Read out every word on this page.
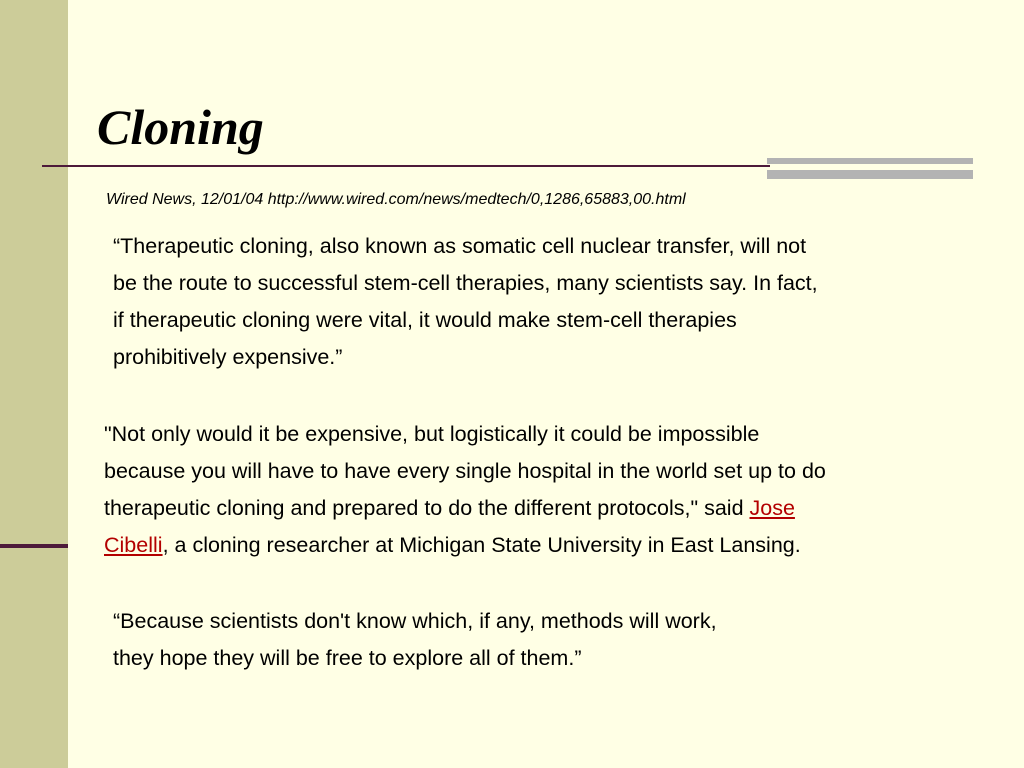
Cloning

Wired News, 12/01/04 http://www.wired.com/news/medtech/0,1286,65883,00.html

“Therapeutic cloning, also known as somatic cell nuclear transfer, will not
be the route to successful stem-cell therapies, many scientists say. In fact,
if therapeutic cloning were vital, it would make stem-cell therapies
prohibitively expensive.”

"Not only would it be expensive, but logistically it could be impossible
because you will have to have every single hospital in the world set up to do
therapeutic cloning and prepared to do the different protocols," said Jose
Cibelli, a cloning researcher at Michigan State University in East Lansing.

“Because scientists don't know which, if any, methods will work,
they hope they will be free to explore all of them.”
